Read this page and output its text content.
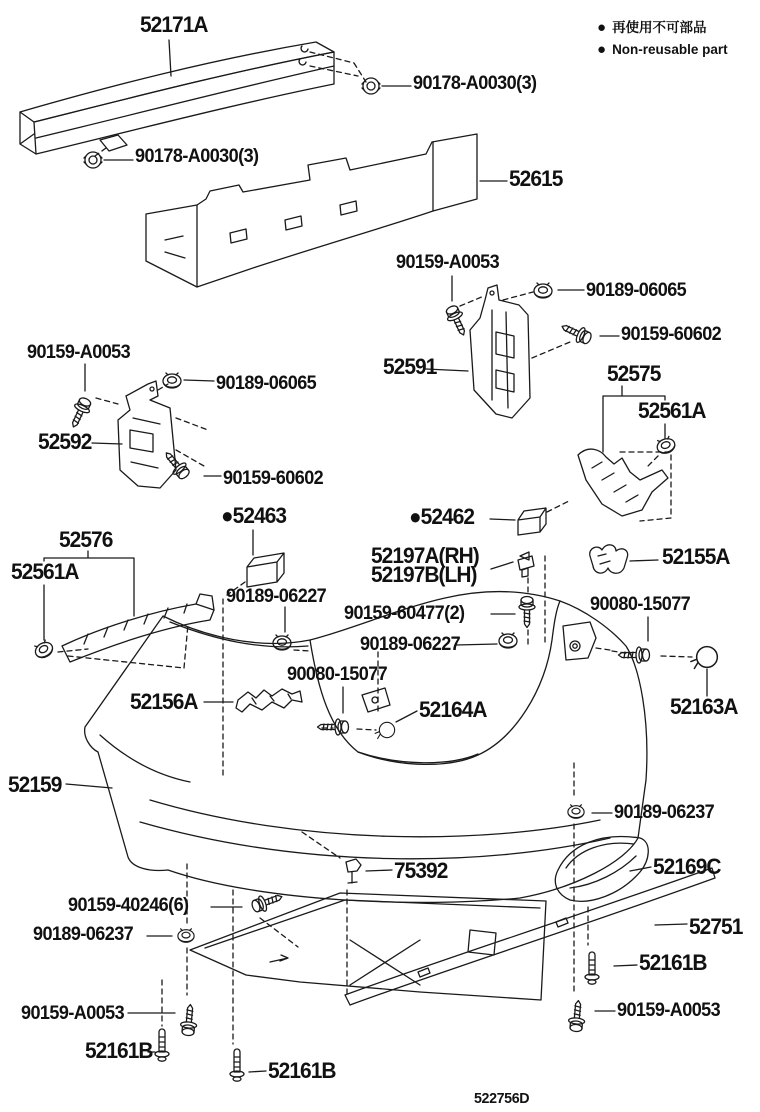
● 再使用不可部品
● Non-reusable part
52171A
90178-A0030(3)
90178-A0030(3)
52615
90159-A0053
90189-06065
90159-60602
52591	52575
52561A
90159-A0053
90189-06065
52592
90159-60602
●52463	●52462
52576
52561A
52197A(RH)
52197B(LH)
52155A
90189-06227
90159-60477(2)
90189-06227
90080-15077
90080-15077
52156A	52164A	52163A
52159
90189-06237
52169C
75392
90159-40246(6)
90189-06237	52751
52161B
90159-A0053	90159-A0053
52161B
52161B
522756D
